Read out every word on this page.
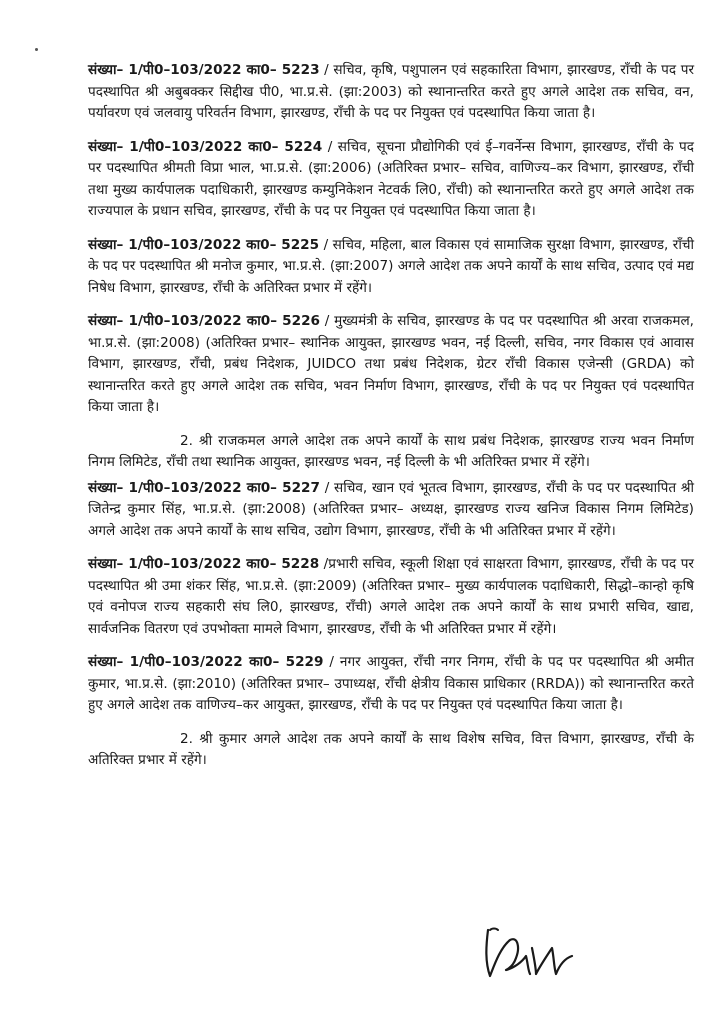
संख्या– 1/पी0–103/2022 का0– 5223 / सचिव, कृषि, पशुपालन एवं सहकारिता विभाग, झारखण्ड, राँची के पद पर पदस्थापित श्री अबुबक्कर सिद्दीख पी0, भा.प्र.से. (झा:2003) को स्थानान्तरित करते हुए अगले आदेश तक सचिव, वन, पर्यावरण एवं जलवायु परिवर्तन विभाग, झारखण्ड, राँची के पद पर नियुक्त एवं पदस्थापित किया जाता है।

संख्या– 1/पी0–103/2022 का0– 5224 / सचिव, सूचना प्रौद्योगिकी एवं ई–गवर्नेन्स विभाग, झारखण्ड, राँची के पद पर पदस्थापित श्रीमती विप्रा भाल, भा.प्र.से. (झा:2006) (अतिरिक्त प्रभार– सचिव, वाणिज्य–कर विभाग, झारखण्ड, राँची तथा मुख्य कार्यपालक पदाधिकारी, झारखण्ड कम्युनिकेशन नेटवर्क लि0, राँची) को स्थानान्तरित करते हुए अगले आदेश तक राज्यपाल के प्रधान सचिव, झारखण्ड, राँची के पद पर नियुक्त एवं पदस्थापित किया जाता है।

संख्या– 1/पी0–103/2022 का0– 5225 / सचिव, महिला, बाल विकास एवं सामाजिक सुरक्षा विभाग, झारखण्ड, राँची के पद पर पदस्थापित श्री मनोज कुमार, भा.प्र.से. (झा:2007) अगले आदेश तक अपने कार्यों के साथ सचिव, उत्पाद एवं मद्य निषेध विभाग, झारखण्ड, राँची के अतिरिक्त प्रभार में रहेंगे।

संख्या– 1/पी0–103/2022 का0– 5226 / मुख्यमंत्री के सचिव, झारखण्ड के पद पर पदस्थापित श्री अरवा राजकमल, भा.प्र.से. (झा:2008) (अतिरिक्त प्रभार– स्थानिक आयुक्त, झारखण्ड भवन, नई दिल्ली, सचिव, नगर विकास एवं आवास विभाग, झारखण्ड, राँची, प्रबंध निदेशक, JUIDCO तथा प्रबंध निदेशक, ग्रेटर राँची विकास एजेन्सी (GRDA) को स्थानान्तरित करते हुए अगले आदेश तक सचिव, भवन निर्माण विभाग, झारखण्ड, राँची के पद पर नियुक्त एवं पदस्थापित किया जाता है।

2. श्री राजकमल अगले आदेश तक अपने कार्यों के साथ प्रबंध निदेशक, झारखण्ड राज्य भवन निर्माण निगम लिमिटेड, राँची तथा स्थानिक आयुक्त, झारखण्ड भवन, नई दिल्ली के भी अतिरिक्त प्रभार में रहेंगे।

संख्या– 1/पी0–103/2022 का0– 5227 / सचिव, खान एवं भूतत्व विभाग, झारखण्ड, राँची के पद पर पदस्थापित श्री जितेन्द्र कुमार सिंह, भा.प्र.से. (झा:2008) (अतिरिक्त प्रभार– अध्यक्ष, झारखण्ड राज्य खनिज विकास निगम लिमिटेड) अगले आदेश तक अपने कार्यों के साथ सचिव, उद्योग विभाग, झारखण्ड, राँची के भी अतिरिक्त प्रभार में रहेंगे।

संख्या– 1/पी0–103/2022 का0– 5228 /प्रभारी सचिव, स्कूली शिक्षा एवं साक्षरता विभाग, झारखण्ड, राँची के पद पर पदस्थापित श्री उमा शंकर सिंह, भा.प्र.से. (झा:2009) (अतिरिक्त प्रभार– मुख्य कार्यपालक पदाधिकारी, सिद्धो–कान्हो कृषि एवं वनोपज राज्य सहकारी संघ लि0, झारखण्ड, राँची) अगले आदेश तक अपने कार्यों के साथ प्रभारी सचिव, खाद्य, सार्वजनिक वितरण एवं उपभोक्ता मामले विभाग, झारखण्ड, राँची के भी अतिरिक्त प्रभार में रहेंगे।

संख्या– 1/पी0–103/2022 का0– 5229 / नगर आयुक्त, राँची नगर निगम, राँची के पद पर पदस्थापित श्री अमीत कुमार, भा.प्र.से. (झा:2010) (अतिरिक्त प्रभार– उपाध्यक्ष, राँची क्षेत्रीय विकास प्राधिकार (RRDA)) को स्थानान्तरित करते हुए अगले आदेश तक वाणिज्य–कर आयुक्त, झारखण्ड, राँची के पद पर नियुक्त एवं पदस्थापित किया जाता है।

2. श्री कुमार अगले आदेश तक अपने कार्यों के साथ विशेष सचिव, वित्त विभाग, झारखण्ड, राँची के अतिरिक्त प्रभार में रहेंगे।
